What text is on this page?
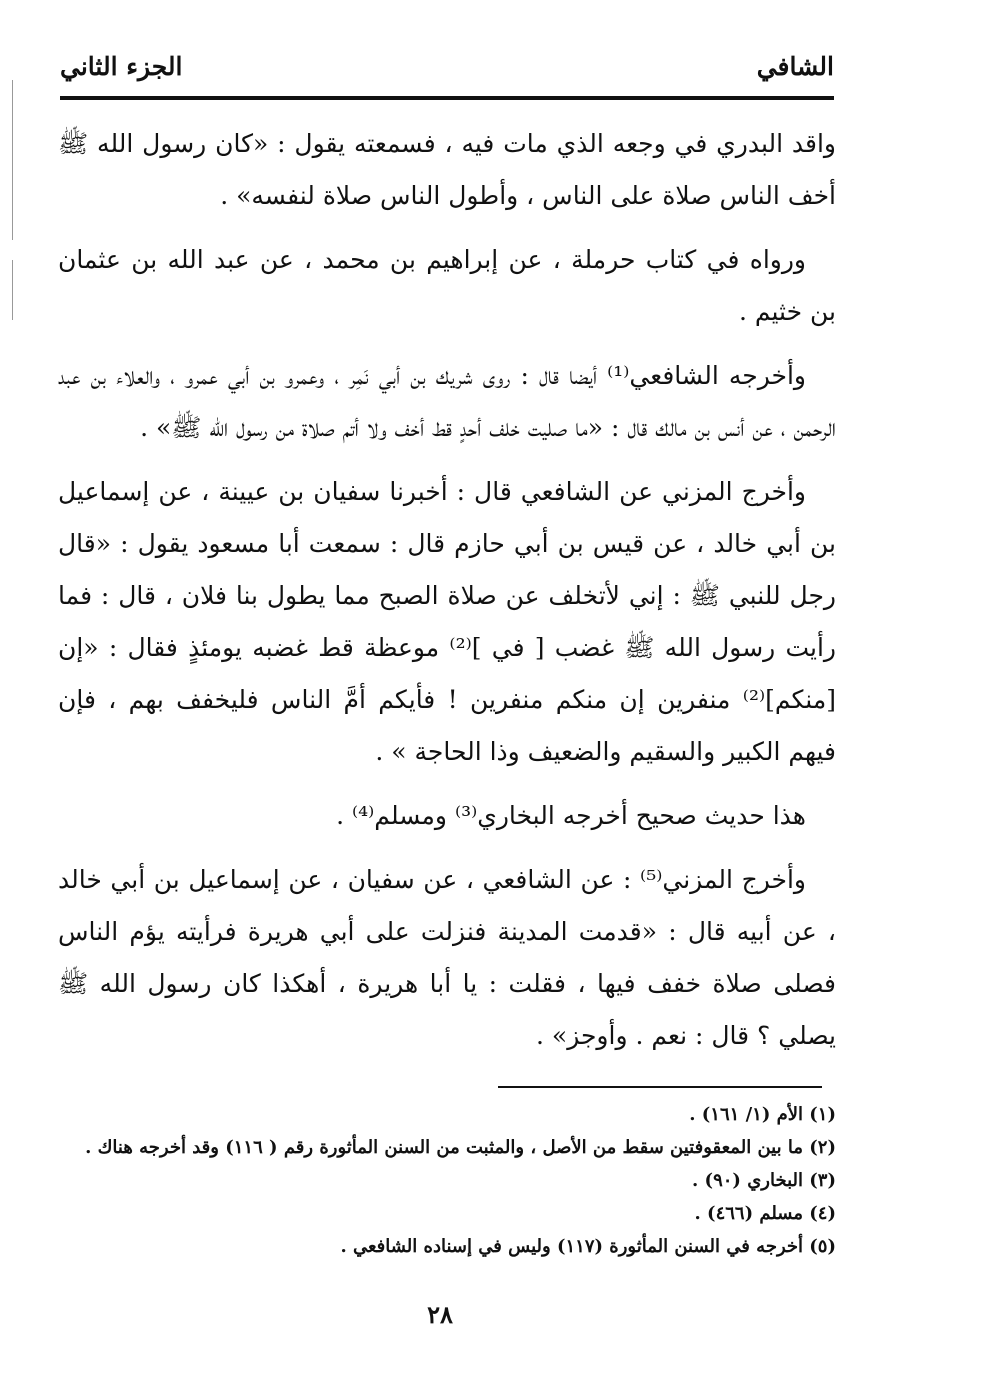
الشافي
الجزء الثاني

واقد البدري في وجعه الذي مات فيه ، فسمعته يقول : «كان رسول الله ﷺ أخف الناس صلاة على الناس ، وأطول الناس صلاة لنفسه» .

ورواه في كتاب حرملة ، عن إبراهيم بن محمد ، عن عبد الله بن عثمان بن خثيم .

وأخرجه الشافعي⁽¹⁾ أيضا قال : روى شريك بن أبي نَمِر ، وعمرو بن أبي عمرو ، والعلاء بن عبد الرحمن ، عن أنس بن مالك قال : «ما صليت خلف أحدٍ قط أخف ولا أتم صلاة من رسول الله ﷺ» .

وأخرج المزني عن الشافعي قال : أخبرنا سفيان بن عيينة ، عن إسماعيل بن أبي خالد ، عن قيس بن أبي حازم قال : سمعت أبا مسعود يقول : «قال رجل للنبي ﷺ : إني لأتخلف عن صلاة الصبح مما يطول بنا فلان ، قال : فما رأيت رسول الله ﷺ غضب [ في ]⁽²⁾ موعظة قط غضبه يومئذٍ فقال : «إن [منكم]⁽²⁾ منفرين إن منكم منفرين ! فأيكم أمَّ الناس فليخفف بهم ، فإن فيهم الكبير والسقيم والضعيف وذا الحاجة » .

هذا حديث صحيح أخرجه البخاري⁽³⁾ ومسلم⁽⁴⁾ .

وأخرج المزني⁽⁵⁾ : عن الشافعي ، عن سفيان ، عن إسماعيل بن أبي خالد ، عن أبيه قال : «قدمت المدينة فنزلت على أبي هريرة فرأيته يؤم الناس فصلى صلاة خفف فيها ، فقلت : يا أبا هريرة ، أهكذا كان رسول الله ﷺ يصلي ؟ قال : نعم . وأوجز» .

(١) الأم (١/ ١٦١) .
(٢) ما بين المعقوفتين سقط من الأصل ، والمثبت من السنن المأثورة رقم ( ١١٦) وقد أخرجه هناك .
(٣) البخاري (٩٠) .
(٤) مسلم (٤٦٦) .
(٥) أخرجه في السنن المأثورة (١١٧) وليس في إسناده الشافعي .
٢٨
